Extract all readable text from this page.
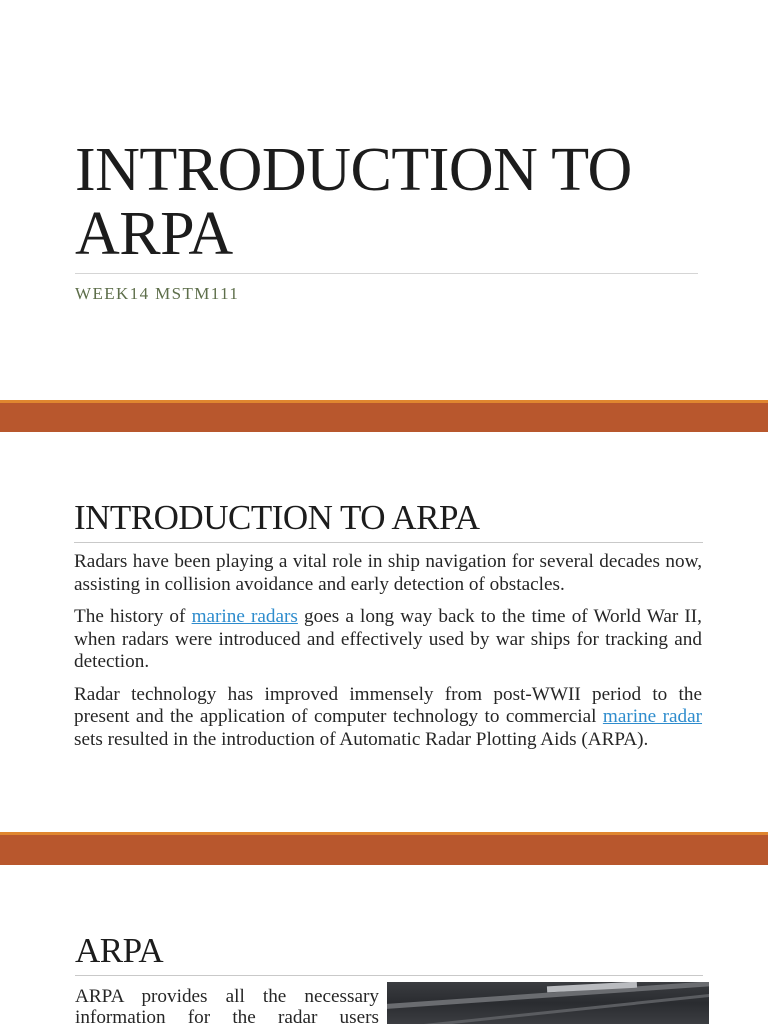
INTRODUCTION TO
ARPA
WEEK14 MSTM111
INTRODUCTION TO ARPA

Radars have been playing a vital role in ship navigation for several decades now, assisting in collision avoidance and early detection of obstacles.

The history of marine radars goes a long way back to the time of World War II, when radars were introduced and effectively used by war ships for tracking and detection.

Radar technology has improved immensely from post-WWII period to the present and the application of computer technology to commercial marine radar sets resulted in the introduction of Automatic Radar Plotting Aids (ARPA).

ARPA
ARPA provides all the necessary
information for the radar users
